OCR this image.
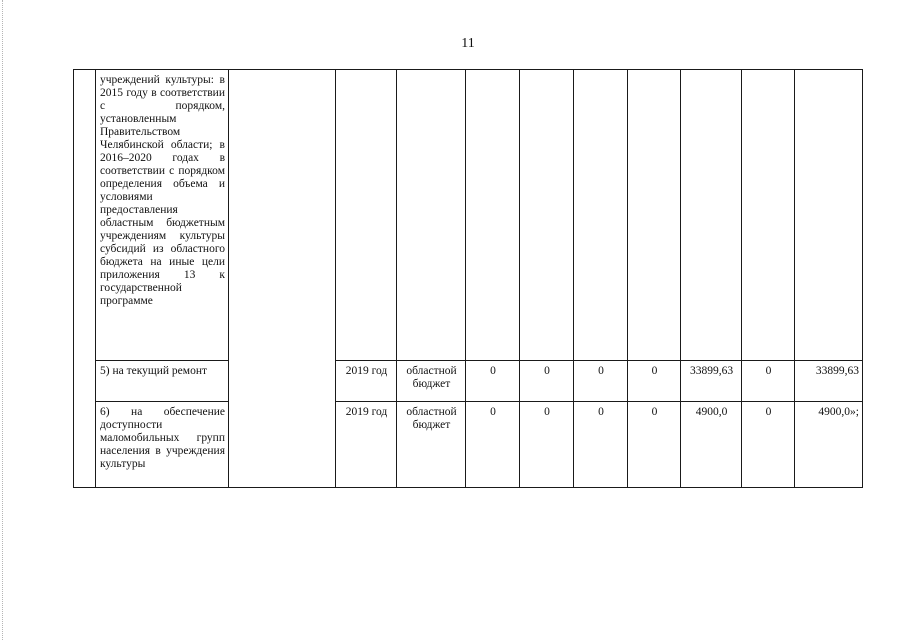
11
	учреждений культуры: в 2015 году в соответствии с порядком, установленным Правительством Челябинской области; в 2016–2020 годах в соответствии с порядком определения объема и условиями предоставления областным бюджетным учреждениям культуры субсидий из областного бюджета на иные цели приложения 13 к государственной программе										
	5) на текущий ремонт		2019 год	областной бюджет	0	0	0	0	33899,63	0	33899,63
	6) на обеспечение доступности маломобильных групп населения в учреждения культуры		2019 год	областной бюджет	0	0	0	0	4900,0	0	4900,0»;
